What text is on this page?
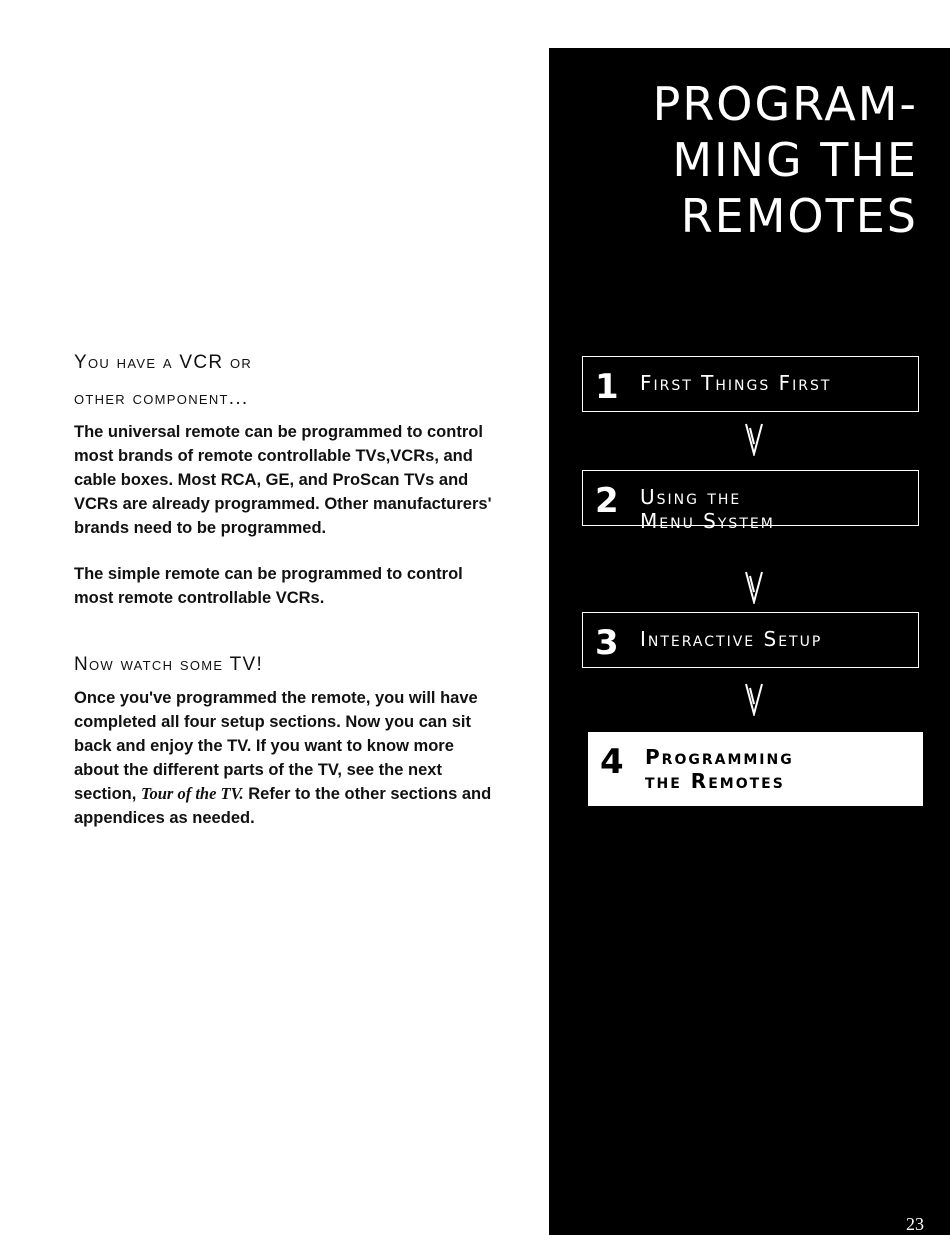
You have a VCR or
other component...

The universal remote can be programmed to control most brands of remote controllable TVs,VCRs, and cable boxes. Most RCA, GE, and ProScan TVs and VCRs are already programmed. Other manufacturers' brands need to be programmed.

The simple remote can be programmed to control most remote controllable VCRs.

Now watch some TV!

Once you've programmed the remote, you will have completed all four setup sections. Now you can sit back and enjoy the TV. If you want to know more about the different parts of the TV, see the next section, Tour of the TV. Refer to the other sections and appendices as needed.

PROGRAM-
MING THE
REMOTES
1 First Things First
2 Using the
Menu System
3 Interactive Setup
4 Programming
the Remotes
23
